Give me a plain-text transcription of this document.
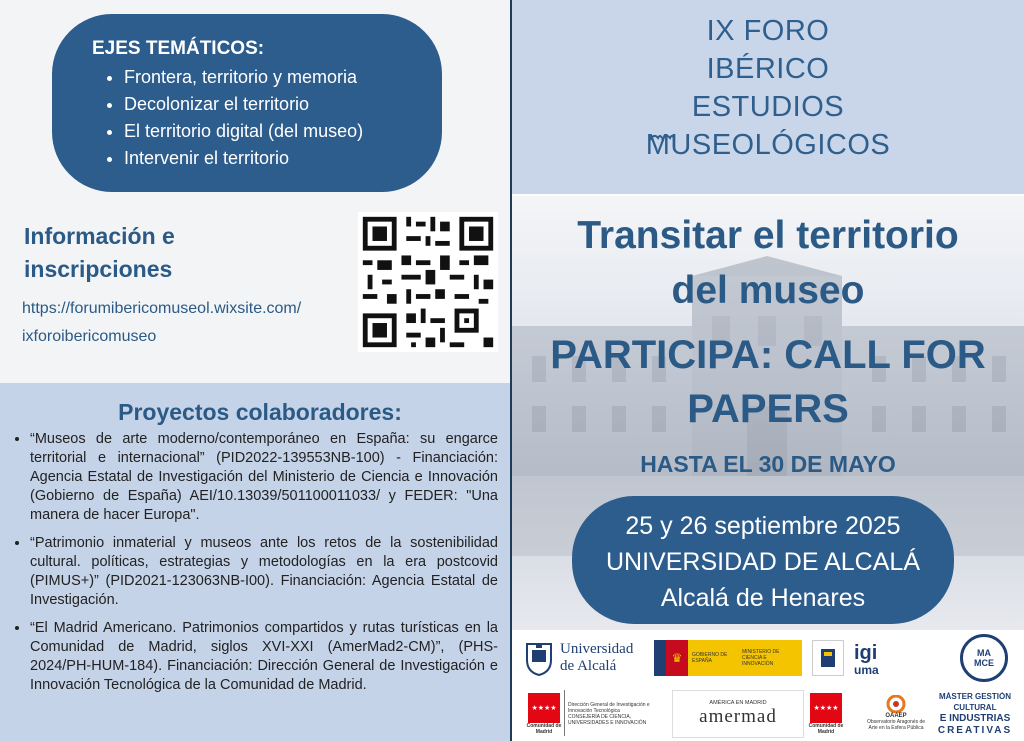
EJES TEMÁTICOS:
• Frontera, territorio y memoria
• Decolonizar el territorio
• El territorio digital (del museo)
• Intervenir el territorio
Información e
inscripciones
https://forumibericomuseol.wixsite.com/
ixforoibericomuseo
Proyectos colaboradores:
• “Museos de arte moderno/contemporáneo en España: su engarce territorial e internacional” (PID2022-139553NB-100) - Financiación: Agencia Estatal de Investigación del Ministerio de Ciencia e Innovación (Gobierno de España) AEI/10.13039/501100011033/ y FEDER: "Una manera de hacer Europa".
• “Patrimonio inmaterial y museos ante los retos de la sostenibilidad cultural. políticas, estrategias y metodologías en la era postcovid (PIMUS+)” (PID2021-123063NB-I00). Financiación: Agencia Estatal de Investigación.
• “El Madrid Americano. Patrimonios compartidos y rutas turísticas en la Comunidad de Madrid, siglos XVI-XXI (AmerMad2-CM)”, (PHS-2024/PH-HUM-184). Financiación: Dirección General de Investigación e Innovación Tecnológica de la Comunidad de Madrid.
IX FORO
IBÉRICO
ESTUDIOS
MUSEOLÓGICOS
Transitar el territorio
del museo
PARTICIPA: CALL FOR
PAPERS
HASTA EL 30 DE MAYO
25 y 26 septiembre 2025
UNIVERSIDAD DE ALCALÁ
Alcalá de Henares
Universidad
de Alcalá	♛	GOBIERNO DE ESPAÑA
MINISTERIO DE CIENCIA E INNOVACIÓN	igi
uma
MA MCE
★★★★
Comunidad de Madrid
Dirección General de Investigación e Innovación Tecnológica
CONSEJERÍA DE CIENCIA, UNIVERSIDADES E INNOVACIÓN
AMÉRICA EN MADRID
amermad	★★★★
Comunidad de Madrid
OAAEP
Observatorio Aragonés de Arte en la Esfera Pública
MÁSTER GESTIÓN CULTURAL
E INDUSTRIAS
CREATIVAS
